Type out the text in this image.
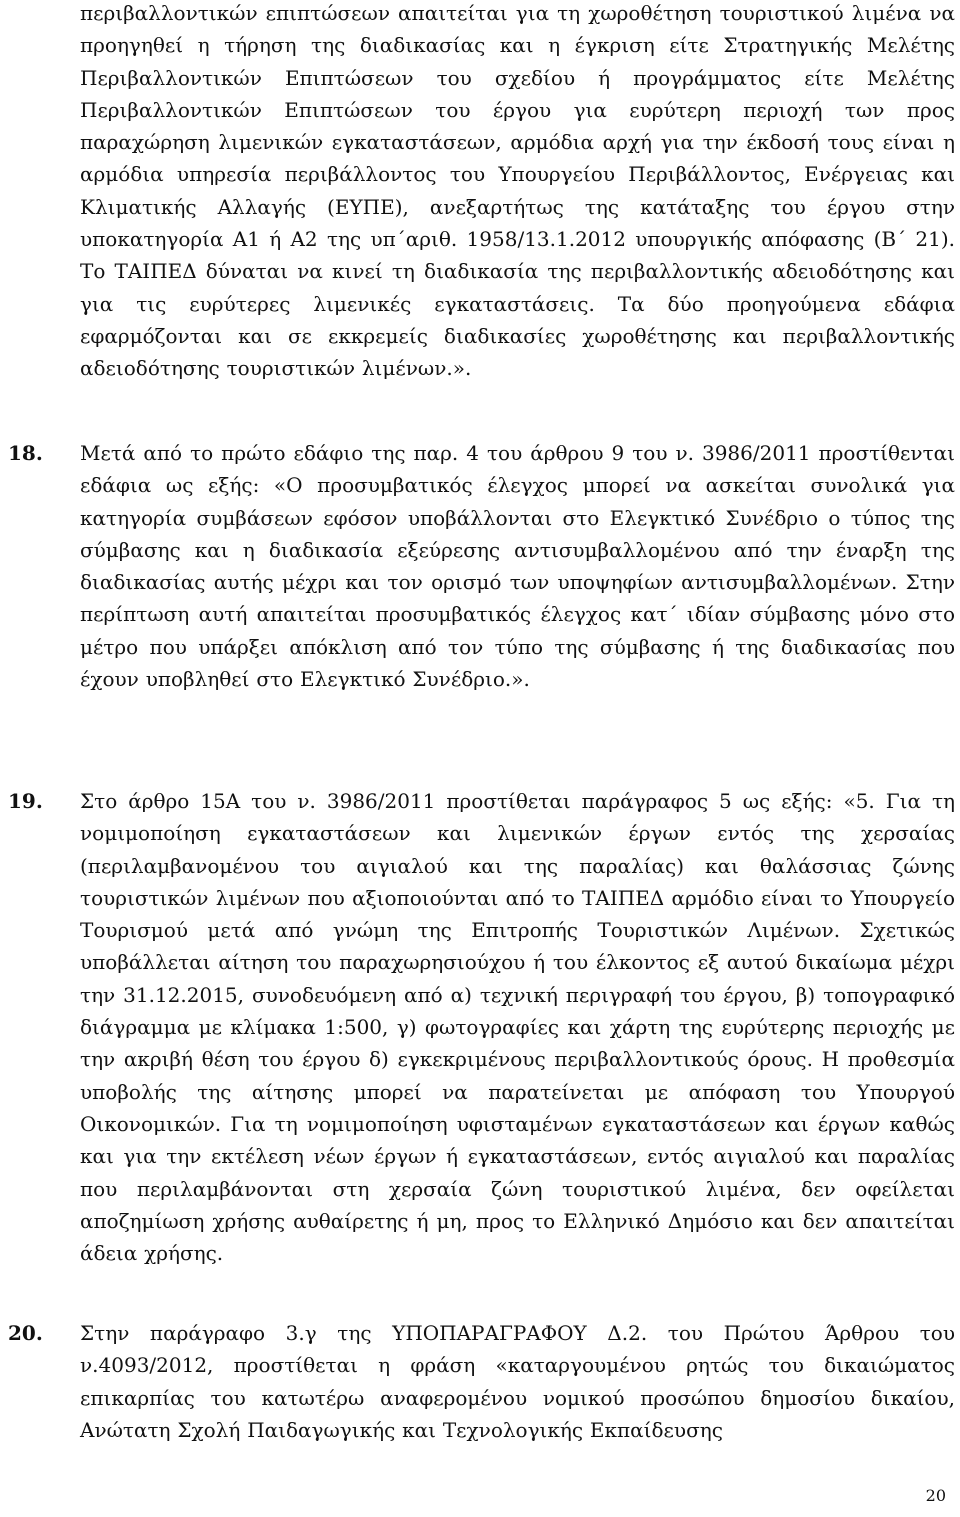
περιβαλλοντικών επιπτώσεων απαιτείται για τη χωροθέτηση τουριστικού λιμένα να προηγηθεί η τήρηση της διαδικασίας και η έγκριση είτε Στρατηγικής Μελέτης Περιβαλλοντικών Επιπτώσεων του σχεδίου ή προγράμματος είτε Μελέτης Περιβαλλοντικών Επιπτώσεων του έργου για ευρύτερη περιοχή των προς παραχώρηση λιμενικών εγκαταστάσεων, αρμόδια αρχή για την έκδοσή τους είναι η αρμόδια υπηρεσία περιβάλλοντος του Υπουργείου Περιβάλλοντος, Ενέργειας και Κλιματικής Αλλαγής (ΕΥΠΕ), ανεξαρτήτως της κατάταξης του έργου στην υποκατηγορία Α1 ή Α2 της υπ΄αριθ. 1958/13.1.2012 υπουργικής απόφασης (Β΄ 21). Το ΤΑΙΠΕΔ δύναται να κινεί τη διαδικασία της περιβαλλοντικής αδειοδότησης και για τις ευρύτερες λιμενικές εγκαταστάσεις. Τα δύο προηγούμενα εδάφια εφαρμόζονται και σε εκκρεμείς διαδικασίες χωροθέτησης και περιβαλλοντικής αδειοδότησης τουριστικών λιμένων.».
18. Μετά από το πρώτο εδάφιο της παρ. 4 του άρθρου 9 του ν. 3986/2011 προστίθενται εδάφια ως εξής: «Ο προσυμβατικός έλεγχος μπορεί να ασκείται συνολικά για κατηγορία συμβάσεων εφόσον υποβάλλονται στο Ελεγκτικό Συνέδριο ο τύπος της σύμβασης και η διαδικασία εξεύρεσης αντισυμβαλλομένου από την έναρξη της διαδικασίας αυτής μέχρι και τον ορισμό των υποψηφίων αντισυμβαλλομένων. Στην περίπτωση αυτή απαιτείται προσυμβατικός έλεγχος κατ΄ ιδίαν σύμβασης μόνο στο μέτρο που υπάρξει απόκλιση από τον τύπο της σύμβασης ή της διαδικασίας που έχουν υποβληθεί στο Ελεγκτικό Συνέδριο.».
19. Στο άρθρο 15Α του ν. 3986/2011 προστίθεται παράγραφος 5 ως εξής: «5. Για τη νομιμοποίηση εγκαταστάσεων και λιμενικών έργων εντός της χερσαίας (περιλαμβανομένου του αιγιαλού και της παραλίας) και θαλάσσιας ζώνης τουριστικών λιμένων που αξιοποιούνται από το ΤΑΙΠΕΔ αρμόδιο είναι το Υπουργείο Τουρισμού μετά από γνώμη της Επιτροπής Τουριστικών Λιμένων. Σχετικώς υποβάλλεται αίτηση του παραχωρησιούχου ή του έλκοντος εξ αυτού δικαίωμα μέχρι την 31.12.2015, συνοδευόμενη από α) τεχνική περιγραφή του έργου, β) τοπογραφικό διάγραμμα με κλίμακα 1:500, γ) φωτογραφίες και χάρτη της ευρύτερης περιοχής με την ακριβή θέση του έργου δ) εγκεκριμένους περιβαλλοντικούς όρους. Η προθεσμία υποβολής της αίτησης μπορεί να παρατείνεται με απόφαση του Υπουργού Οικονομικών. Για τη νομιμοποίηση υφισταμένων εγκαταστάσεων και έργων καθώς και για την εκτέλεση νέων έργων ή εγκαταστάσεων, εντός αιγιαλού και παραλίας που περιλαμβάνονται στη χερσαία ζώνη τουριστικού λιμένα, δεν οφείλεται αποζημίωση χρήσης αυθαίρετης ή μη, προς το Ελληνικό Δημόσιο και δεν απαιτείται άδεια χρήσης.
20. Στην παράγραφο 3.γ της ΥΠΟΠΑΡΑΓΡΑΦΟΥ Δ.2. του Πρώτου Άρθρου του ν.4093/2012, προστίθεται η φράση «καταργουμένου ρητώς του δικαιώματος επικαρπίας του κατωτέρω αναφερομένου νομικού προσώπου δημοσίου δικαίου, Ανώτατη Σχολή Παιδαγωγικής και Τεχνολογικής Εκπαίδευσης
20
